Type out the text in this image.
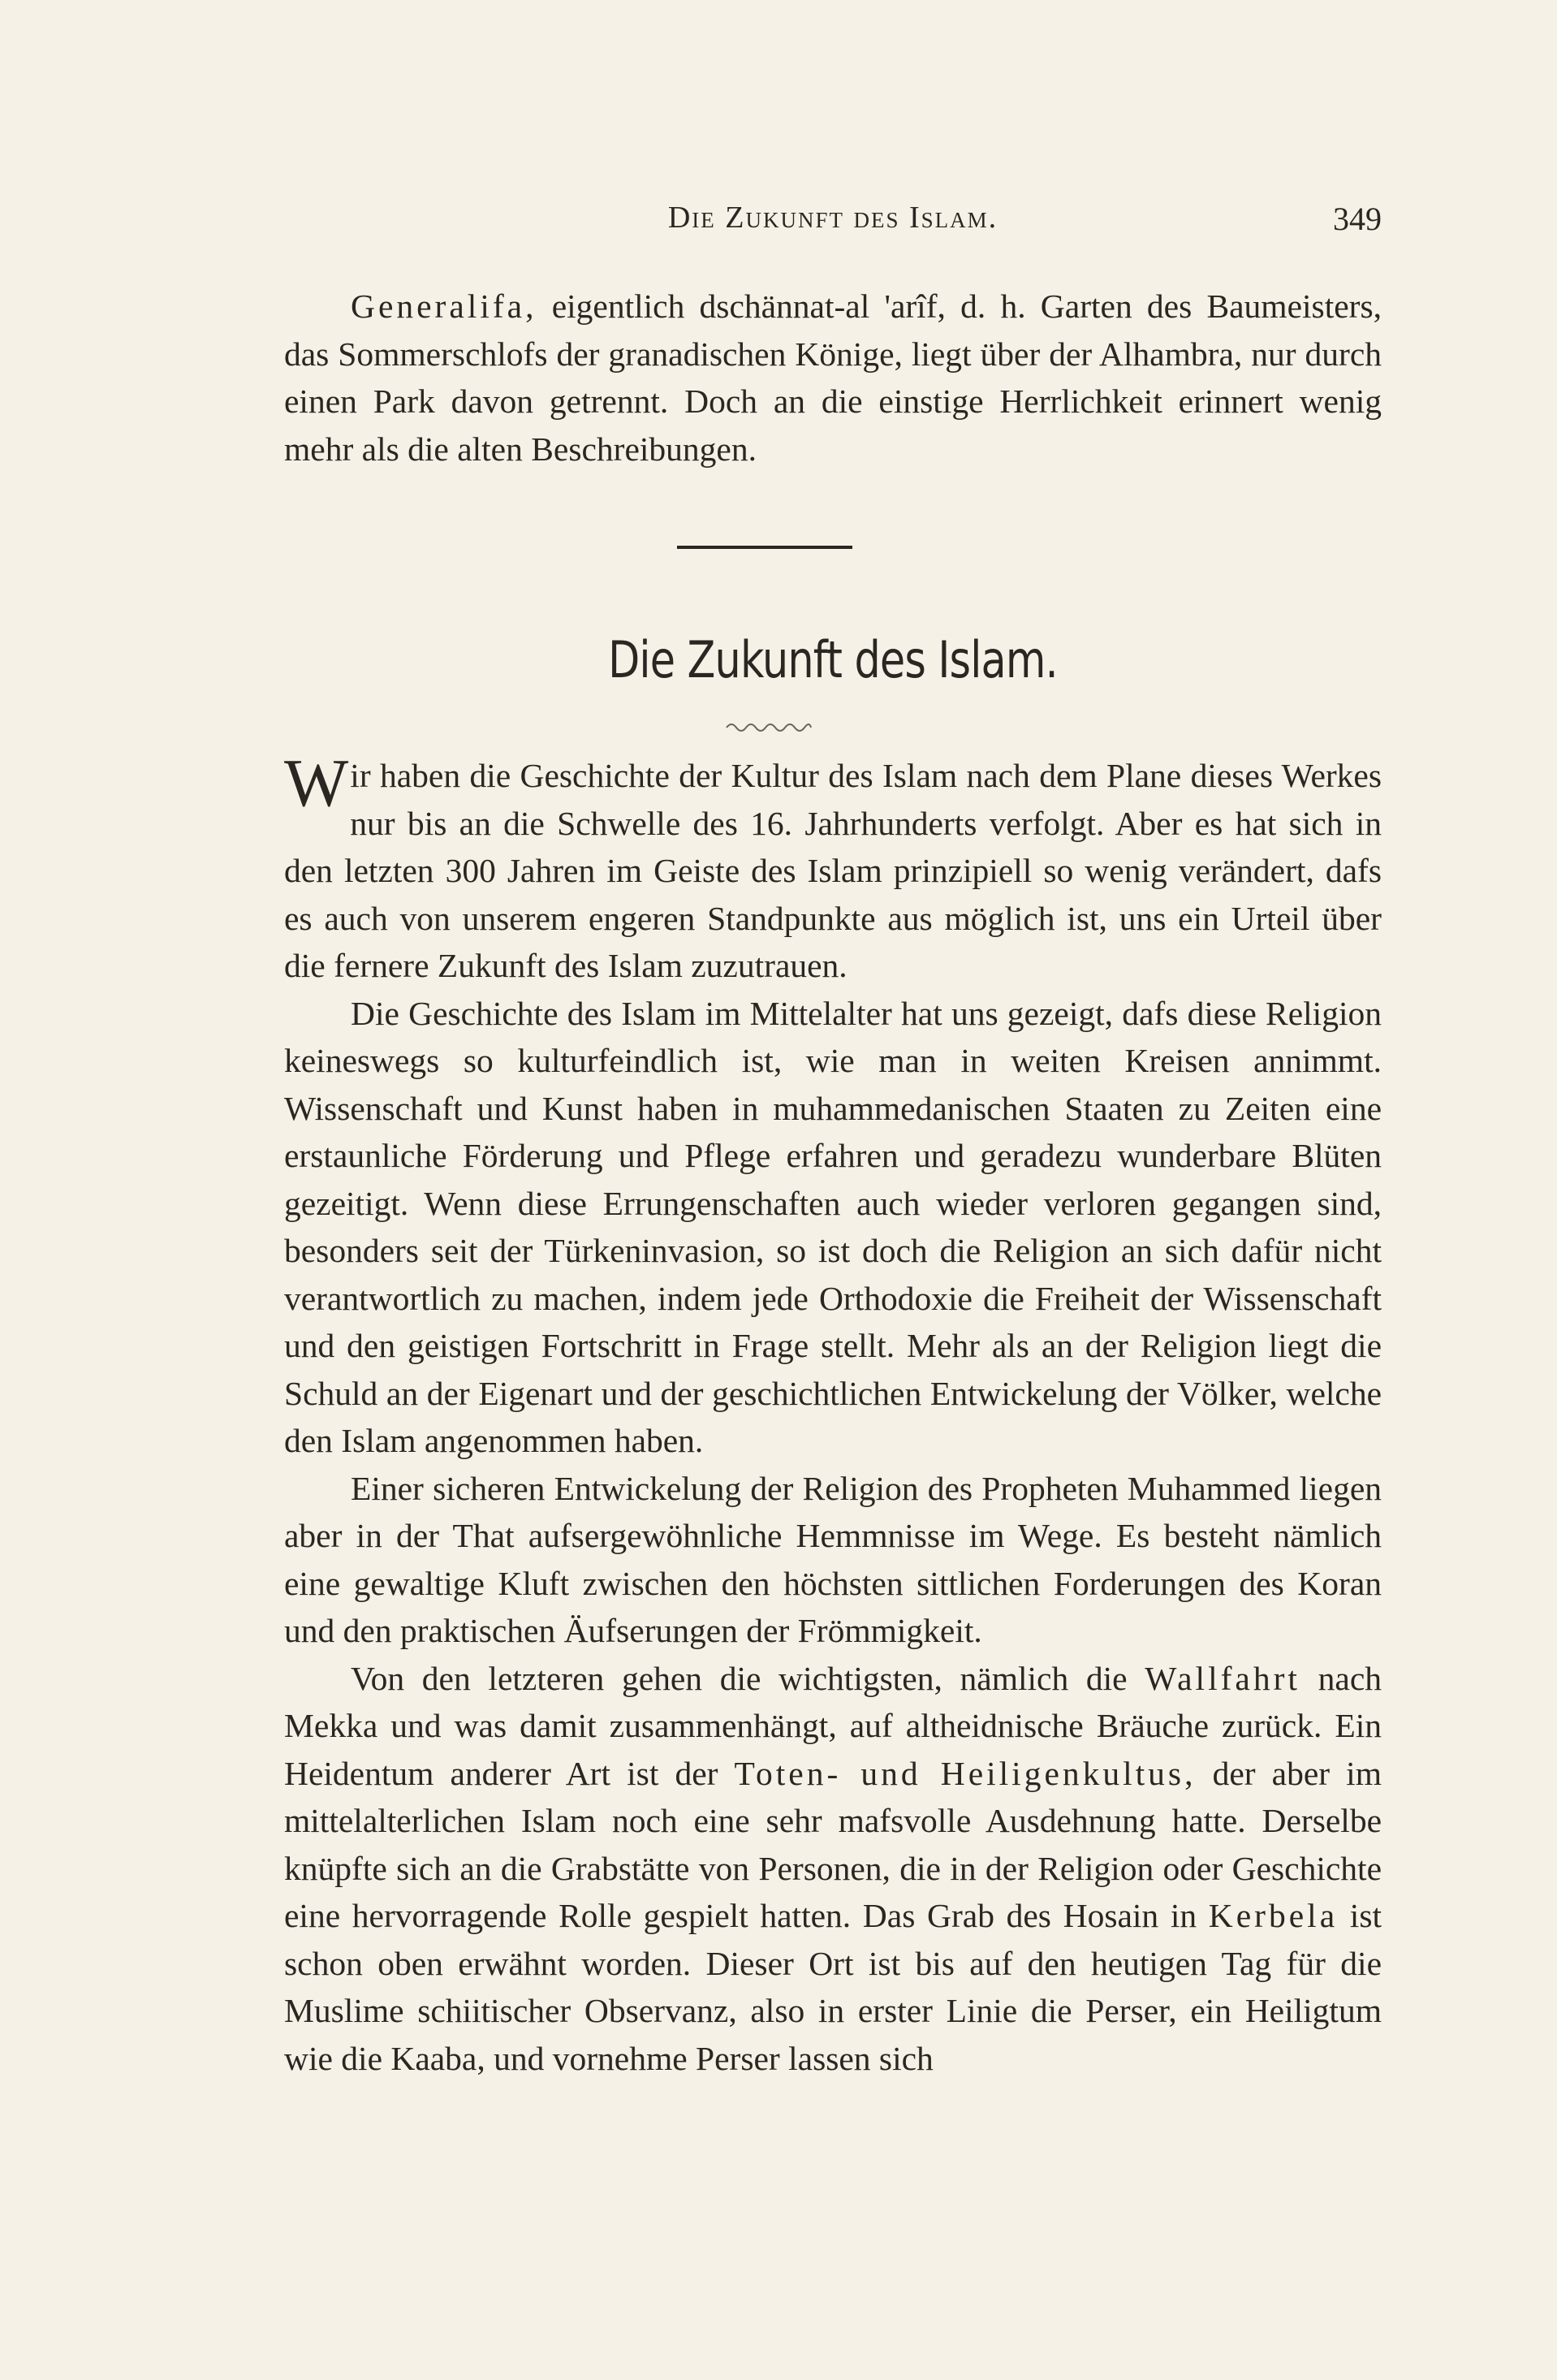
Die Zukunft des Islam.	349

Generalifa, eigentlich dschännat-al 'arîf, d. h. Garten des Baumeisters, das Sommerschlofs der granadischen Könige, liegt über der Alhambra, nur durch einen Park davon getrennt. Doch an die einstige Herrlichkeit erinnert wenig mehr als die alten Beschreibungen.

Die Zukunft des Islam.

Wir haben die Geschichte der Kultur des Islam nach dem Plane dieses Werkes nur bis an die Schwelle des 16. Jahrhunderts verfolgt. Aber es hat sich in den letzten 300 Jahren im Geiste des Islam prinzipiell so wenig verändert, dafs es auch von unserem engeren Standpunkte aus möglich ist, uns ein Urteil über die fernere Zukunft des Islam zuzutrauen.

Die Geschichte des Islam im Mittelalter hat uns gezeigt, dafs diese Religion keineswegs so kulturfeindlich ist, wie man in weiten Kreisen annimmt. Wissenschaft und Kunst haben in muhammedanischen Staaten zu Zeiten eine erstaunliche Förderung und Pflege erfahren und geradezu wunderbare Blüten gezeitigt. Wenn diese Errungenschaften auch wieder verloren gegangen sind, besonders seit der Türkeninvasion, so ist doch die Religion an sich dafür nicht verantwortlich zu machen, indem jede Orthodoxie die Freiheit der Wissenschaft und den geistigen Fortschritt in Frage stellt. Mehr als an der Religion liegt die Schuld an der Eigenart und der geschichtlichen Entwickelung der Völker, welche den Islam angenommen haben.

Einer sicheren Entwickelung der Religion des Propheten Muhammed liegen aber in der That aufsergewöhnliche Hemmnisse im Wege. Es besteht nämlich eine gewaltige Kluft zwischen den höchsten sittlichen Forderungen des Koran und den praktischen Äufserungen der Frömmigkeit.

Von den letzteren gehen die wichtigsten, nämlich die Wallfahrt nach Mekka und was damit zusammenhängt, auf altheidnische Bräuche zurück. Ein Heidentum anderer Art ist der Toten- und Heiligenkultus, der aber im mittelalterlichen Islam noch eine sehr mafsvolle Ausdehnung hatte. Derselbe knüpfte sich an die Grabstätte von Personen, die in der Religion oder Geschichte eine hervorragende Rolle gespielt hatten. Das Grab des Hosain in Kerbela ist schon oben erwähnt worden. Dieser Ort ist bis auf den heutigen Tag für die Muslime schiitischer Observanz, also in erster Linie die Perser, ein Heiligtum wie die Kaaba, und vornehme Perser lassen sich
